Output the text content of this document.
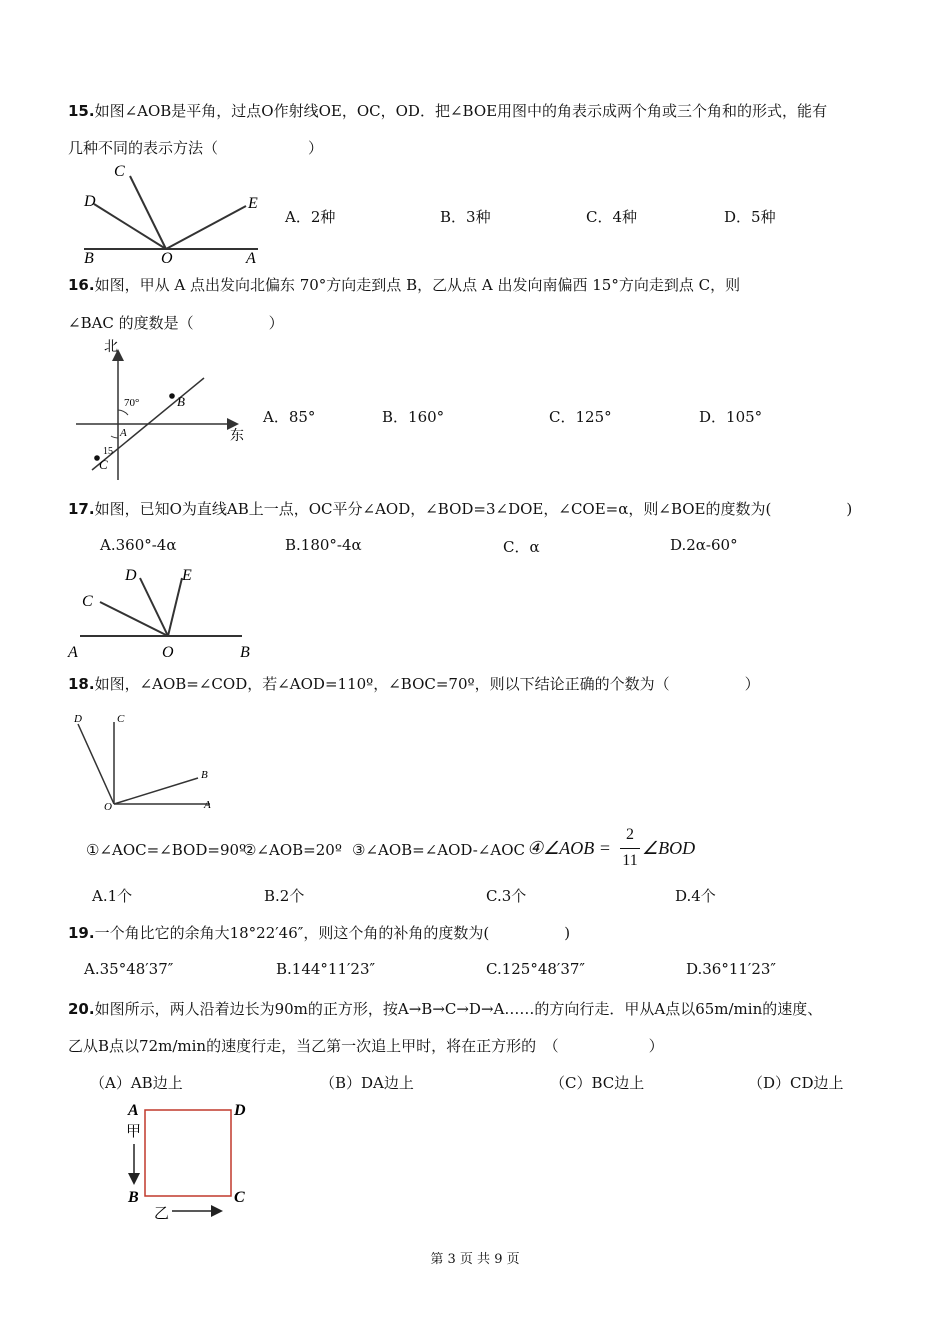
15.如图∠AOB是平角，过点O作射线OE，OC，OD．把∠BOE用图中的角表示成两个角或三个角和的形式，能有
几种不同的表示方法（　　　　　　）
C
D	E
B	O	A
A．2种	B．3种	C．4种	D．5种
16.如图，甲从 A 点出发向北偏东 70°方向走到点 B，乙从点 A 出发向南偏西 15°方向走到点 C，则
∠BAC 的度数是（　　　　　）
北
东
A
B
C
70°
15
A．85°	B．160°	C．125°	D．105°
17.如图，已知O为直线AB上一点，OC平分∠AOD，∠BOD=3∠DOE，∠COE=α，则∠BOE的度数为(　　　　　)
A.360°-4α	B.180°-4α	C．α	D.2α-60°
D	E
C
A	O	B
18.如图，∠AOB=∠COD，若∠AOD=110º，∠BOC=70º，则以下结论正确的个数为（　　　　　）
D	C
B
O	A
①∠AOC=∠BOD=90º
②∠AOB=20º ③∠AOB=∠AOD-∠AOC ④∠AOB =
2
11
∠BOD
A.1个	B.2个	C.3个	D.4个
19.一个角比它的余角大18°22′46″，则这个角的补角的度数为(　　　　　)
A.35°48′37″	B.144°11′23″	C.125°48′37″	D.36°11′23″
20.如图所示，两人沿着边长为90m的正方形，按A→B→C→D→A……的方向行走．甲从A点以65m/min的速度、
乙从B点以72m/min的速度行走，当乙第一次追上甲时，将在正方形的　（　　　　　　）
（A）AB边上	（B）DA边上	（C）BC边上	（D）CD边上
A	D
B	C
甲
乙
第 3 页 共 9 页
